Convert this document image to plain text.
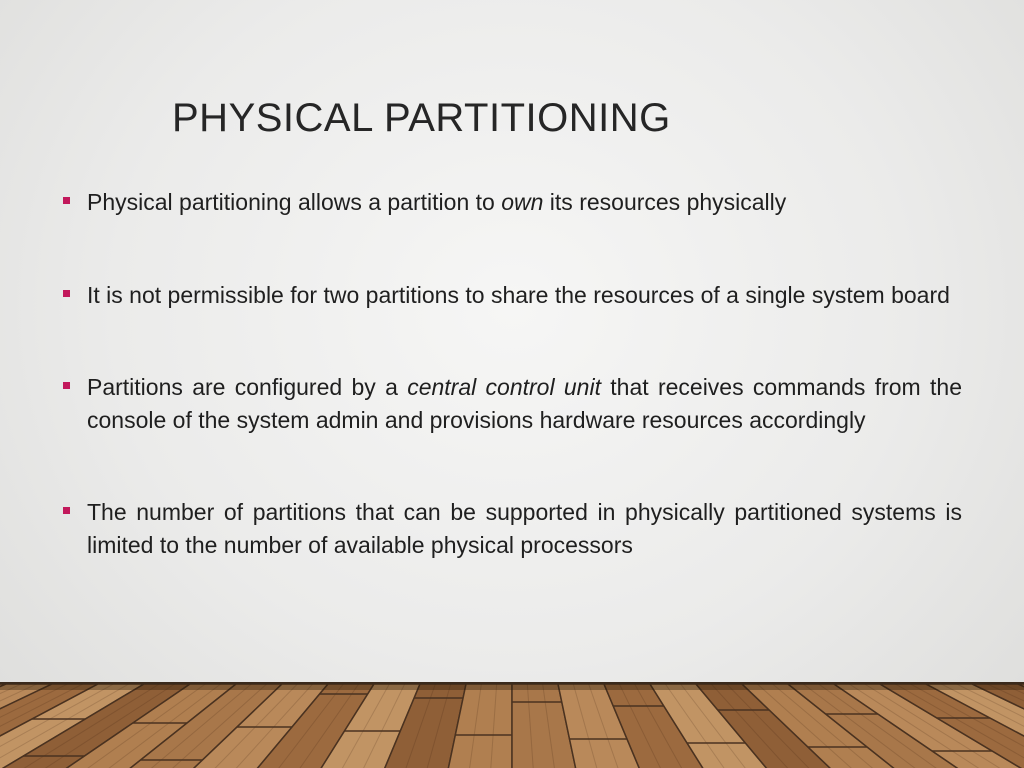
PHYSICAL PARTITIONING
Physical partitioning allows a partition to own its resources physically
It is not permissible for two partitions to share the resources of a single system board
Partitions are configured by a central control unit that receives commands from the console of the system admin and provisions hardware resources accordingly
The number of partitions that can be supported in physically partitioned systems is limited to the number of available physical processors
